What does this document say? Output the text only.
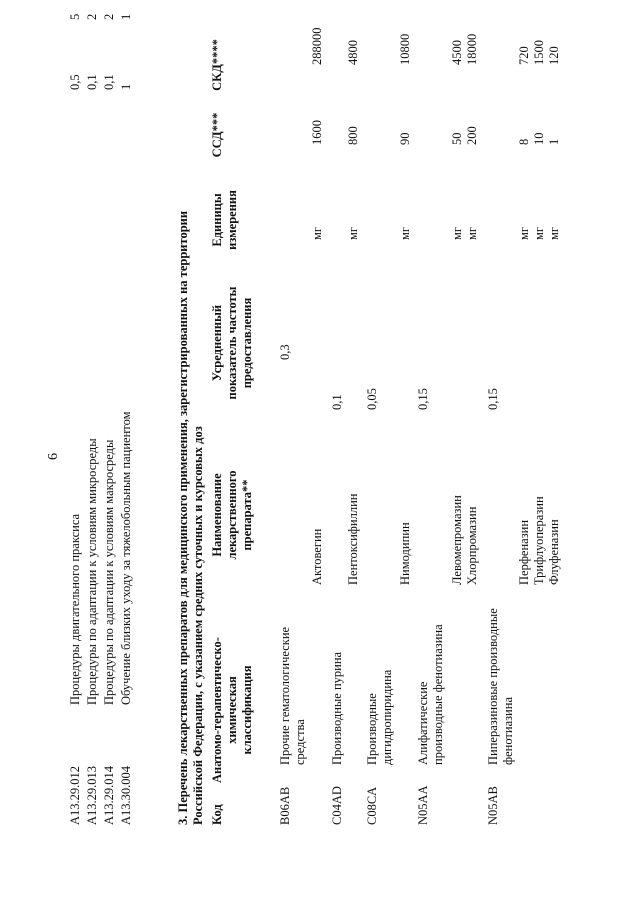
6
A13.29.012
Процедуры двигательного праксиса
0,5
5
A13.29.013
Процедуры по адаптации к условиям микросреды
0,1
2
A13.29.014
Процедуры по адаптации к условиям макросреды
0,1
2
A13.30.004
Обучение близких уходу за тяжелобольным пациентом
1
1
3. Перечень лекарственных препаратов для медицинского применения, зарегистрированных на территории Российской Федерации, с указанием средних суточных и курсовых доз Код
Анатомо-терапевтическо-химическая классификация
Наименование лекарственного препарата**
Усредненный показатель частоты предоставления
Единицы измерения
ССД***
СКД****
B06AB
Прочие гематологические средства
0,3
Актовегин
мг
1600
288000
C04AD
Производные пурина
0,1
Пентоксифиллин
мг
800
4800
C08CA
Производные дигидропиридина
0,05
Нимодипин
мг
90
10800
N05AA
Алифатические производные фенотиазина
0,15
Левомепромазин
мг
50
4500
Хлорпромазин
мг
200
18000
N05AB
Пиперазиновые производные фенотиазина
0,15
Перфеназин
мг
8
720
Трифлуоперазин
мг
10
1500
Флуфеназин
мг
1
120
